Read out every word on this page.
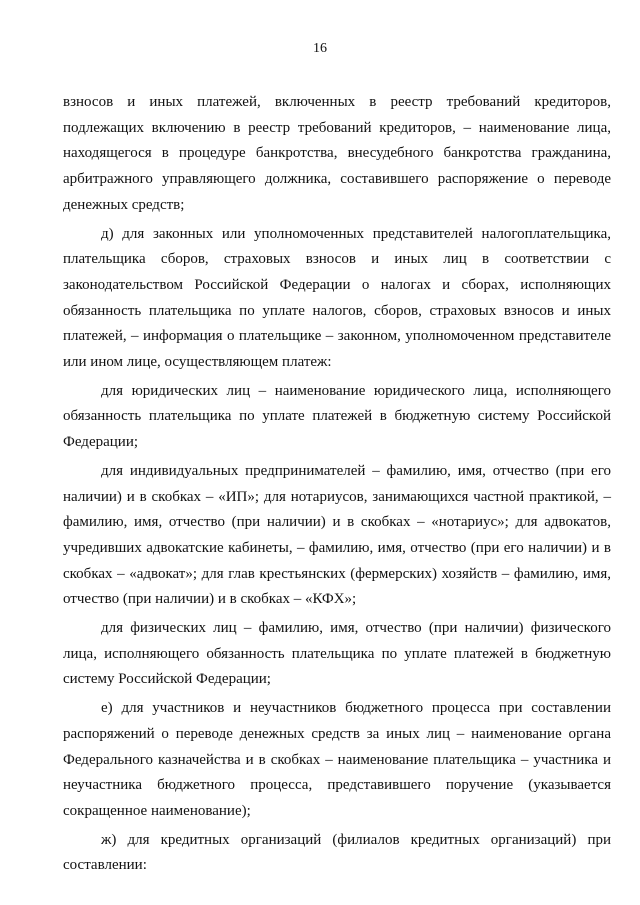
16

взносов и иных платежей, включенных в реестр требований кредиторов, подлежащих включению в реестр требований кредиторов, – наименование лица, находящегося в процедуре банкротства, внесудебного банкротства гражданина, арбитражного управляющего должника, составившего распоряжение о переводе денежных средств;

д) для законных или уполномоченных представителей налогоплательщика, плательщика сборов, страховых взносов и иных лиц в соответствии с законодательством Российской Федерации о налогах и сборах, исполняющих обязанность плательщика по уплате налогов, сборов, страховых взносов и иных платежей, – информация о плательщике – законном, уполномоченном представителе или ином лице, осуществляющем платеж:

для юридических лиц – наименование юридического лица, исполняющего обязанность плательщика по уплате платежей в бюджетную систему Российской Федерации;

для индивидуальных предпринимателей – фамилию, имя, отчество (при его наличии) и в скобках – «ИП»; для нотариусов, занимающихся частной практикой, – фамилию, имя, отчество (при наличии) и в скобках – «нотариус»; для адвокатов, учредивших адвокатские кабинеты, – фамилию, имя, отчество (при его наличии) и в скобках – «адвокат»; для глав крестьянских (фермерских) хозяйств – фамилию, имя, отчество (при наличии) и в скобках – «КФХ»;

для физических лиц – фамилию, имя, отчество (при наличии) физического лица, исполняющего обязанность плательщика по уплате платежей в бюджетную систему Российской Федерации;

е) для участников и неучастников бюджетного процесса при составлении распоряжений о переводе денежных средств за иных лиц – наименование органа Федерального казначейства и в скобках – наименование плательщика – участника и неучастника бюджетного процесса, представившего поручение (указывается сокращенное наименование);

ж) для кредитных организаций (филиалов кредитных организаций) при составлении:
